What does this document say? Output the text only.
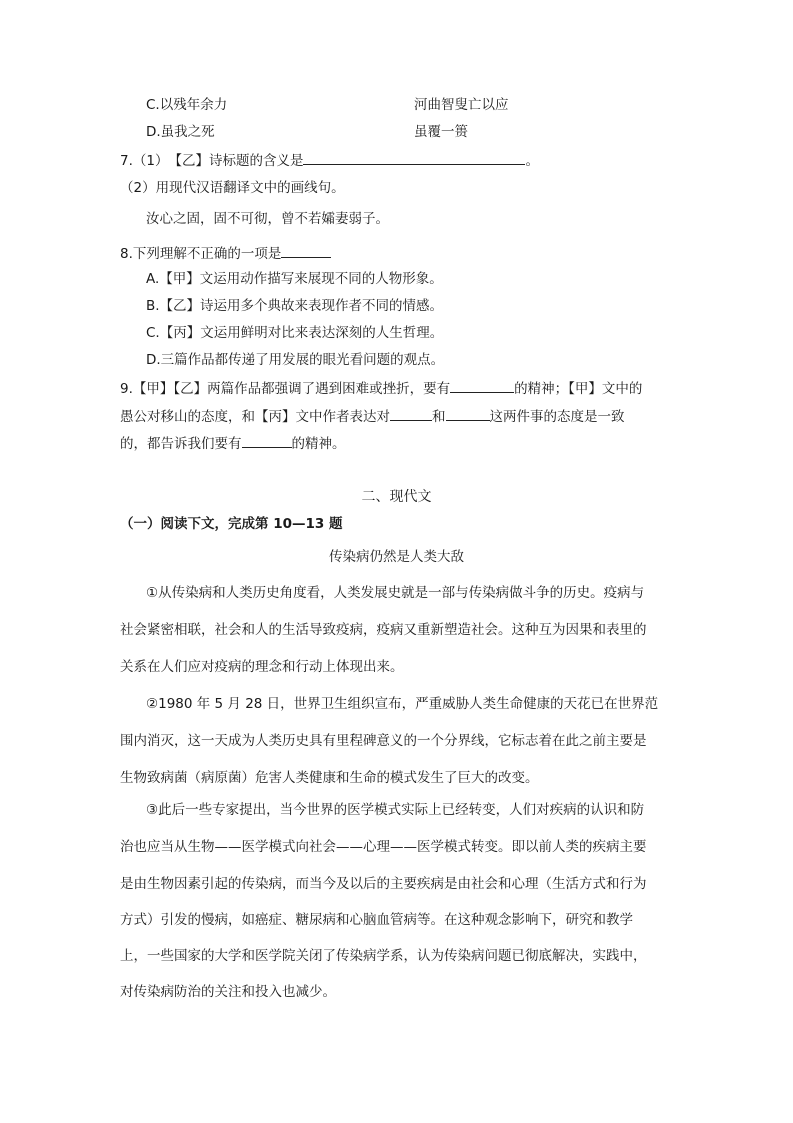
C.以残年余力	河曲智叟亡以应
D.虽我之死	虽覆一篑
7.（1）　【乙】诗标题的含义是	。
（2）用现代汉语翻译文中的画线句。
汝心之固，固不可彻，曾不若孀妻弱子。
8.下列理解不正确的一项是
A.【甲】文运用动作描写来展现不同的人物形象。
B.【乙】诗运用多个典故来表现作者不同的情感。
C.【丙】文运用鲜明对比来表达深刻的人生哲理。
D.三篇作品都传递了用发展的眼光看问题的观点。
9.【甲】【乙】两篇作品都强调了遇到困难或挫折，要有	的精神；【甲】文中的
愚公对移山的态度，和【丙】文中作者表达对	和	这两件事的态度是一致
的，都告诉我们要有	的精神。
二、现代文
（一）阅读下文，完成第 10—13 题
传染病仍然是人类大敌
①从传染病和人类历史角度看，人类发展史就是一部与传染病做斗争的历史。疫病与
社会紧密相联，社会和人的生活导致疫病，疫病又重新塑造社会。这种互为因果和表里的
关系在人们应对疫病的理念和行动上体现出来。
②1980 年 5 月 28 日，世界卫生组织宣布，严重威胁人类生命健康的天花已在世界范
围内消灭，这一天成为人类历史具有里程碑意义的一个分界线，它标志着在此之前主要是
生物致病菌（病原菌）危害人类健康和生命的模式发生了巨大的改变。
③此后一些专家提出，当今世界的医学模式实际上已经转变，人们对疾病的认识和防
治也应当从生物——医学模式向社会——心理——医学模式转变。即以前人类的疾病主要
是由生物因素引起的传染病，而当今及以后的主要疾病是由社会和心理（生活方式和行为
方式）引发的慢病，如癌症、糖尿病和心脑血管病等。在这种观念影响下，研究和教学
上，一些国家的大学和医学院关闭了传染病学系，认为传染病问题已彻底解决，实践中，
对传染病防治的关注和投入也减少。
